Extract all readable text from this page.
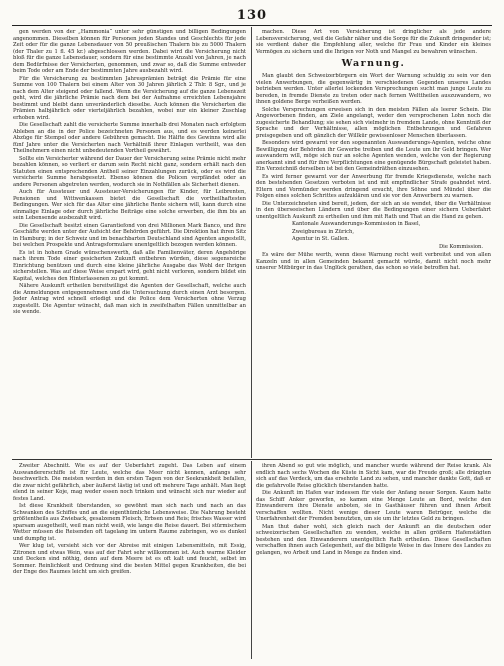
130

gen werden von der „Hammonia“ unter sehr günstigen und billigen Bedingungen angenommen. Dieselben können für Personen jeden Standes und Geschlechts für jede Zeit oder für die ganze Lebensdauer von 50 preußischen Thalern bis zu 5000 Thalern (der Thaler zu 1 fl. 45 kr.) abgeschlossen werden. Dabei wird die Versicherung nicht bloß für die ganze Lebensdauer, sondern für eine bestimmte Anzahl von Jahren, je nach dem Bedürfnisse der Versicherten, genommen, und zwar so, daß die Summe entweder beim Tode oder am Ende der bestimmten Jahre ausbezahlt wird.

Für die Versicherung zu bestimmten Jahresprämien beträgt die Prämie für eine Summe von 100 Thalern bei einem Alter von 30 Jahren jährlich 2 Thlr. 8 Sgr., und je nach dem Alter steigend oder fallend. Wenn die Versicherung auf die ganze Lebenszeit geht, wird die jährliche Prämie nach dem bei der Aufnahme erreichten Lebensjahre bestimmt und bleibt dann unveränderlich dieselbe. Auch können die Versicherten die Prämien halbjährlich oder vierteljährlich bezahlen, wobei nur ein kleiner Zuschlag erhoben wird.

Die Gesellschaft zahlt die versicherte Summe innerhalb drei Monaten nach erfolgtem Ableben an die in der Police bezeichneten Personen aus, und es werden keinerlei Abzüge für Stempel oder andere Gebühren gemacht. Die Hälfte des Gewinns wird alle fünf Jahre unter die Versicherten nach Verhältniß ihrer Einlagen vertheilt, was den Theilnehmern einen nicht unbedeutenden Vortheil gewährt.

Sollte ein Versicherter während der Dauer der Versicherung seine Prämie nicht mehr bezahlen können, so verliert er darum sein Recht nicht ganz, sondern erhält nach den Statuten einen entsprechenden Antheil seiner Einzahlungen zurück, oder es wird die versicherte Summe herabgesetzt. Ebenso können die Policen verpfändet oder an andere Personen abgetreten werden, wodurch sie in Nothfällen als Sicherheit dienen.

Auch für Aussteuer und Aussteuer-Versicherungen für Kinder, für Leibrenten, Pensionen und Wittwenkassen bietet die Gesellschaft die vortheilhaftesten Bedingungen. Wer sich für das Alter eine jährliche Rente sichern will, kann durch eine einmalige Einlage oder durch jährliche Beiträge eine solche erwerben, die ihm bis an sein Lebensende ausbezahlt wird.

Die Gesellschaft besitzt einen Garantiefond von drei Millionen Mark Banco, und ihre Geschäfte werden unter der Aufsicht der Behörden geführt. Die Direktion hat ihren Sitz in Hamburg; in der Schweiz und im benachbarten Deutschland sind Agenten angestellt, bei welchen Prospekte und Antragsformulare unentgeltlich bezogen werden können.

Es ist in hohem Grade wünschenswerth, daß alle Familienväter, deren Angehörige nach ihrem Tode einer gesicherten Zukunft entbehren würden, diese segensreiche Einrichtung benützen und durch eine kleine jährliche Ausgabe das Wohl der Ihrigen sicherstellen. Was auf diese Weise erspart wird, geht nicht verloren, sondern bildet ein Kapital, welches den Hinterlassenen zu gut kommt.

Nähere Auskunft ertheilen bereitwilligst die Agenten der Gesellschaft, welche auch die Anmeldungen entgegennehmen und die Untersuchung durch einen Arzt besorgen. Jeder Antrag wird schnell erledigt und die Police dem Versicherten ohne Verzug zugestellt. Die Agentur wünscht, daß man sich in zweifelhaften Fällen unmittelbar an sie wende.

machen. Diese Art von Versicherung ist dringlicher als jede andere Lebensversicherung, weil die Gefahr näher und die Sorge für die Zukunft dringender ist; sie verdient daher die Empfehlung aller, welche für Frau und Kinder ein kleines Vermögen zu sichern und die Ihrigen vor Noth und Mangel zu bewahren wünschen.

Warnung.

Man glaubt den Schweizerbürgern ein Wort der Warnung schuldig zu sein vor den vielen Anwerbungen, die gegenwärtig in verschiedenen Gegenden unseres Landes betrieben werden. Unter allerlei lockenden Versprechungen sucht man junge Leute zu bereden, in fremde Dienste zu treten oder nach fernen Welttheilen auszuwandern, wo ihnen goldene Berge verheißen werden.

Solche Versprechungen erweisen sich in den meisten Fällen als leerer Schein. Die Angeworbenen finden, am Ziele angelangt, weder den versprochenen Lohn noch die zugesicherte Behandlung; sie sehen sich vielmehr in fremdem Lande, ohne Kenntniß der Sprache und der Verhältnisse, allen möglichen Entbehrungen und Gefahren preisgegeben und oft gänzlich der Willkür gewissenloser Menschen überlassen.

Besonders wird gewarnt vor den sogenannten Auswanderungs-Agenten, welche ohne Bewilligung der Behörden ihr Gewerbe treiben und die Leute um ihr Geld bringen. Wer auswandern will, möge sich nur an solche Agenten wenden, welche von der Regierung anerkannt sind und für ihre Verpflichtungen eine genügende Bürgschaft geleistet haben. Ein Verzeichniß derselben ist bei den Gemeindräthen einzusehen.

Es wird ferner gewarnt vor der Anwerbung für fremde Kriegsdienste, welche nach den bestehenden Gesetzen verboten ist und mit empfindlicher Strafe geahndet wird. Eltern und Vormünder werden dringend ersucht, ihre Söhne und Mündel über die Folgen eines solchen Schrittes aufzuklären und sie vor den Anwerbern zu warnen.

Die Unterzeichneten sind bereit, jedem, der sich an sie wendet, über die Verhältnisse in den überseeischen Ländern und über die Bedingungen einer sichern Ueberfahrt unentgeltlich Auskunft zu ertheilen und ihm mit Rath und That an die Hand zu gehen.

Kantonale Auswanderungs-Kommission in Basel,

Zweigbureau in Zürich,

Agentur in St. Gallen.

Die Kommission.

Es wäre der Mühe werth, wenn diese Warnung recht weit verbreitet und von allen Kanzeln und in allen Gemeinden bekannt gemacht würde, damit nicht noch mehr unserer Mitbürger in das Unglück gerathen, das schon so viele betroffen hat.

Zweiter Abschnitt. Wie es auf der Ueberfahrt zugeht. Das Leben auf einem Auswandererschiffe ist für Leute, welche das Meer nicht kennen, anfangs sehr beschwerlich. Die meisten werden in den ersten Tagen von der Seekrankheit befallen, die zwar nicht gefährlich, aber äußerst lästig ist und oft mehrere Tage anhält. Man liegt elend in seiner Koje, mag weder essen noch trinken und wünscht sich nur wieder auf festes Land.

Ist diese Krankheit überstanden, so gewöhnt man sich nach und nach an das Schwanken des Schiffes und an die eigenthümliche Lebensweise. Die Nahrung besteht größtentheils aus Zwieback, gesalzenem Fleisch, Erbsen und Reis; frisches Wasser wird sparsam ausgetheilt, weil man nicht weiß, wie lange die Reise dauert. Bei stürmischem Wetter müssen die Reisenden oft tagelang im untern Raume zubringen, wo es dunkel und dumpfig ist.

Wer klug ist, versieht sich vor der Abreise mit einigen Lebensmitteln, mit Essig, Zitronen und etwas Wein, was auf der Fahrt sehr willkommen ist. Auch warme Kleider und Decken sind nöthig, denn auf dem Meere ist es oft kalt und feucht, selbst im Sommer. Reinlichkeit und Ordnung sind die besten Mittel gegen Krankheiten, die bei der Enge des Raumes leicht um sich greifen.

ihren Abend so gut wie möglich, und mancher wurde während der Reise krank. Als endlich nach sechs Wochen die Küste in Sicht kam, war die Freude groß; alle drängten sich auf das Verdeck, um das ersehnte Land zu sehen, und mancher dankte Gott, daß er die gefahrvolle Reise glücklich überstanden hatte.

Die Ankunft im Hafen war indessen für viele der Anfang neuer Sorgen. Kaum hatte das Schiff Anker geworfen, so kamen eine Menge Leute an Bord, welche den Einwanderern ihre Dienste anboten, sie in Gasthäuser führen und ihnen Arbeit verschaffen wollten. Nicht wenige dieser Leute waren Betrüger, welche die Unerfahrenheit der Fremden benutzten, um sie um ihr letztes Geld zu bringen.

Man thut daher wohl, sich gleich nach der Ankunft an die deutschen oder schweizerischen Gesellschaften zu wenden, welche in allen größern Hafenstädten bestehen und den Einwanderern unentgeltlich Rath ertheilen. Diese Gesellschaften verschaffen ihnen auch Gelegenheit, auf die billigste Weise in das Innere des Landes zu gelangen, wo Arbeit und Land in Menge zu finden sind.
